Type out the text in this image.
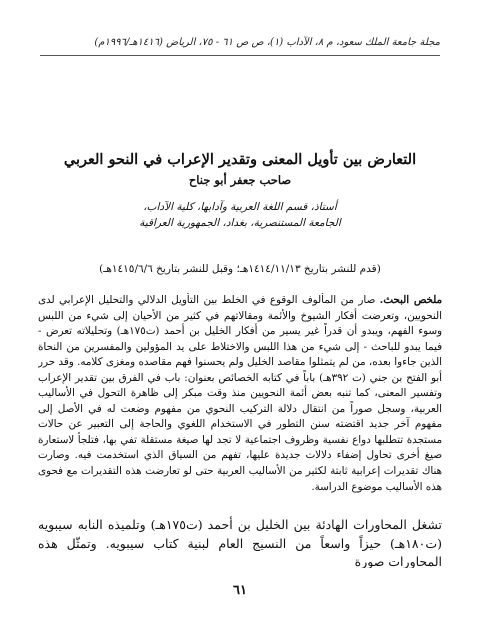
مجلة جامعة الملك سعود، م ٨، الآداب (١)، ص ص ٦١ - ٧٥، الرياض (١٤١٦هـ/١٩٩٦م)
التعارض بين تأويل المعنى وتقدير الإعراب في النحو العربي
صاحب جعفر أبو جناح
أستاذ، قسم اللغة العربية وآدابها، كلية الآداب،
الجامعة المستنصرية، بغداد، الجمهورية العراقية
(قدم للنشر بتاريخ ١٤١٤/١١/١٣هـ؛ وقبل للنشر بتاريخ ١٤١٥/٦/٦هـ)
ملخص البحث. صار من المألوف الوقوع في الخلط بين التأويل الدلالي والتحليل الإعرابي لدى النحويين، وتعرضت أفكار الشيوخ والأئمة ومقالاتهم في كثير من الأحيان إلى شيء من اللبس وسوء الفهم، ويبدو أن قدراً غير يسير من أفكار الخليل بن أحمد (ت١٧٥هـ) وتحليلاته تعرض - فيما يبدو للباحث - إلى شيء من هذا اللبس والاختلاط على يد المؤولين والمفسرين من النحاة الذين جاءوا بعده، من لم يتمثلوا مقاصد الخليل ولم يحسنوا فهم مقاصده ومغزى كلامه. وقد حرر أبو الفتح بن جني (ت ٣٩٢هـ) باباً في كتابه الخصائص بعنوان: باب في الفرق بين تقدير الإعراب وتفسير المعنى، كما تنبه بعض أئمة النحويين منذ وقت مبكر إلى ظاهرة التحول في الأساليب العربية، وسجل صوراً من انتقال دلالة التركيب النحوي من مفهوم وضعت له في الأصل إلى مفهوم آخر جديد اقتضته سنن التطور في الاستخدام اللغوي والحاجة إلى التعبير عن حالات مستجدة تتطلبها دواع نفسية وظروف اجتماعية لا تجد لها صيغة مستقلة تفي بها، فتلجأ لاستعارة صيغ أخرى تحاول إضفاء دلالات جديدة عليها، تفهم من السياق الذي استخدمت فيه. وصارت هناك تقديرات إعرابية ثابتة لكثير من الأساليب العربية حتى لو تعارضت هذه التقديرات مع فحوى هذه الأساليب موضوع الدراسة.
تشغل المحاورات الهادئة بين الخليل بن أحمد (ت١٧٥هـ) وتلميذه النابه سيبويه (ت١٨٠هـ) حيزاً واسعاً من النسيج العام لبنية كتاب سيبويه. وتمثّل هذه المحاورات صورة
٦١
